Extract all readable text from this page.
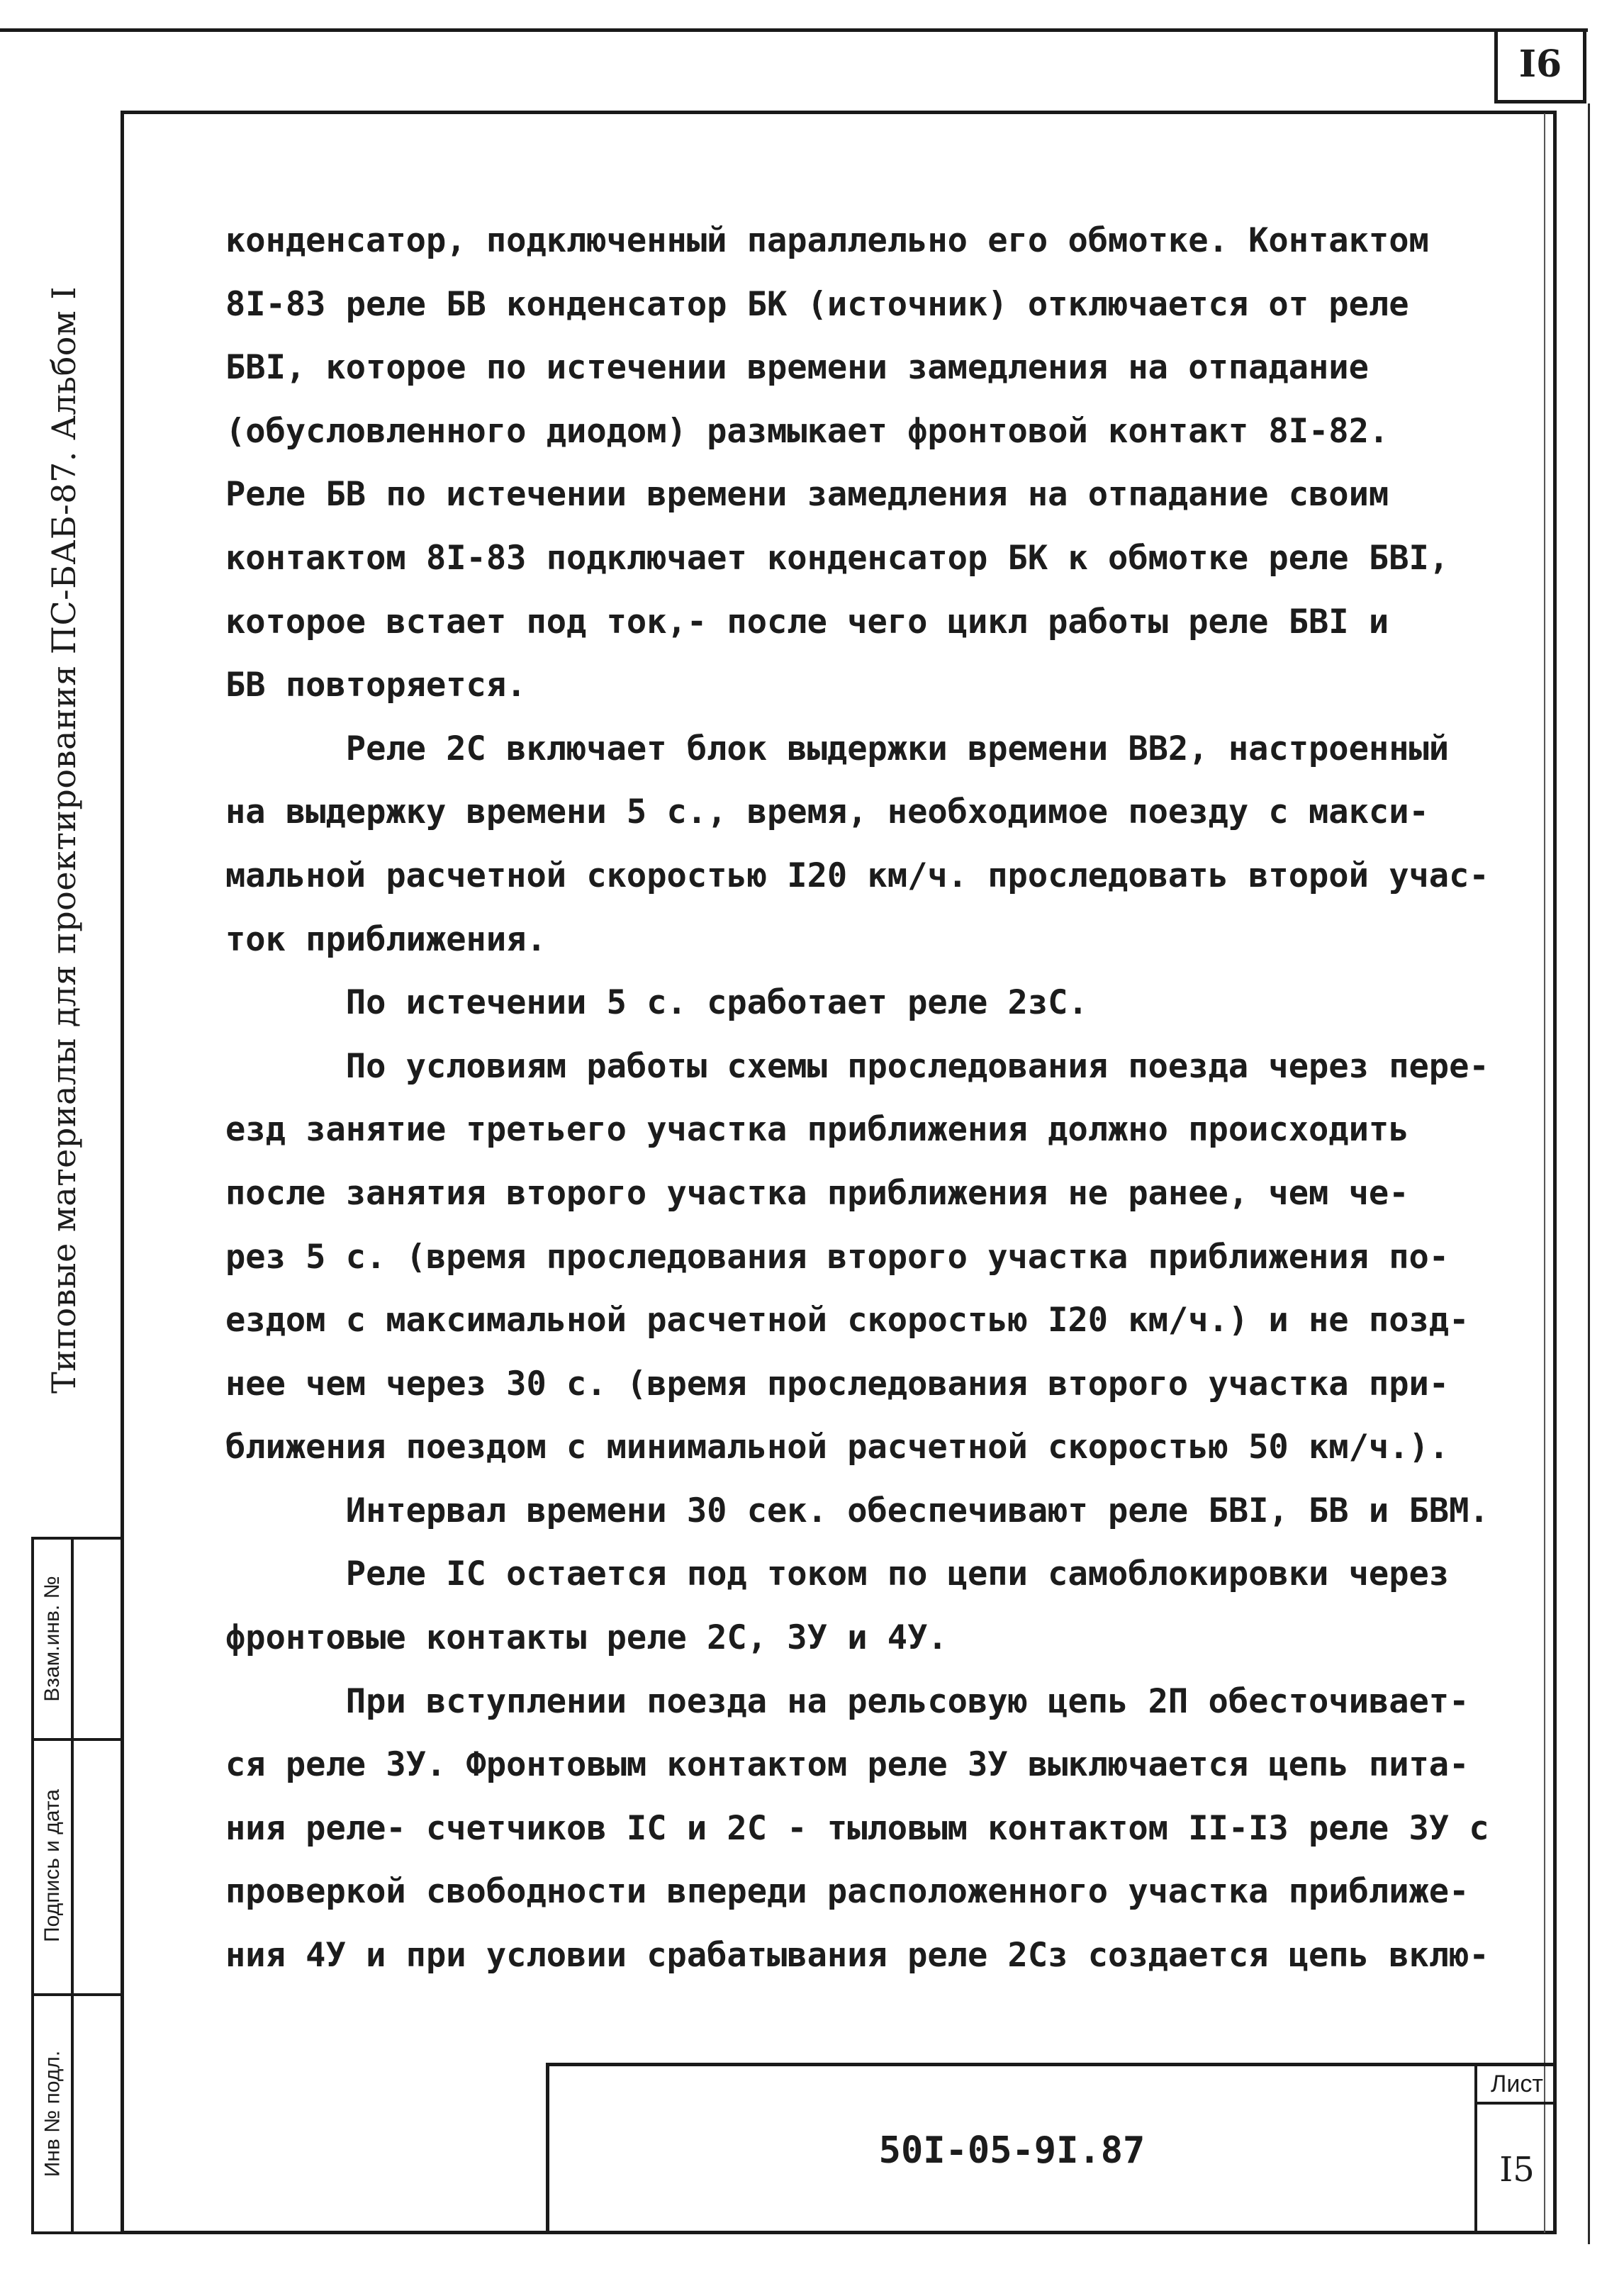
I6
Типовые материалы для проектирования ПС-БАБ-87. Альбом I
Взам.инв. №
Подпись и дата
Инв № подл.
конденсатор, подключенный параллельно его обмотке. Контактом
8I-83 реле БВ конденсатор БК (источник) отключается от реле
БВI, которое по истечении времени замедления на отпадание
(обусловленного диодом) размыкает фронтовой контакт 8I-82.
Реле БВ по истечении времени замедления на отпадание своим
контактом 8I-83 подключает конденсатор БК к обмотке реле БВI,
которое встает под ток,- после чего цикл работы реле БВI и
БВ повторяется.
Реле 2С включает блок выдержки времени ВВ2, настроенный
на выдержку времени 5 с., время, необходимое поезду с макси-
мальной расчетной скоростью I20 км/ч. проследовать второй учас-
ток приближения.
По истечении 5 с. сработает реле 2зС.
По условиям работы схемы проследования поезда через пере-
езд занятие третьего участка приближения должно происходить
после занятия второго участка приближения не ранее, чем че-
рез 5 с. (время проследования второго участка приближения по-
ездом с максимальной расчетной скоростью I20 км/ч.) и не позд-
нее чем через 30 с. (время проследования второго участка при-
ближения поездом с минимальной расчетной скоростью 50 км/ч.).
Интервал времени 30 сек. обеспечивают реле БВI, БВ и БВМ.
Реле IС остается под током по цепи самоблокировки через
фронтовые контакты реле 2С, 3У и 4У.
При вступлении поезда на рельсовую цепь 2П обесточивает-
ся реле 3У. Фронтовым контактом реле 3У выключается цепь пита-
ния реле- счетчиков IС и 2С - тыловым контактом II-I3 реле 3У с
проверкой свободности впереди расположенного участка приближе-
ния 4У и при условии срабатывания реле 2Сз создается цепь вклю-
50I-05-9I.87
Лист
I5
